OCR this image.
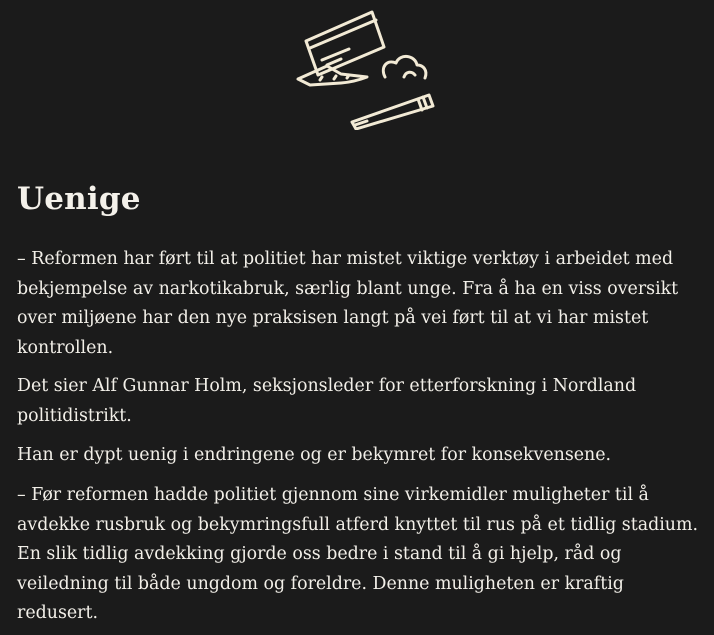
Uenige

– Reformen har ført til at politiet har mistet viktige verktøy i arbeidet med bekjempelse av narkotikabruk, særlig blant unge. Fra å ha en viss oversikt over miljøene har den nye praksisen langt på vei ført til at vi har mistet kontrollen.

Det sier Alf Gunnar Holm, seksjonsleder for etterforskning i Nordland politidistrikt.

Han er dypt uenig i endringene og er bekymret for konsekvensene.

– Før reformen hadde politiet gjennom sine virkemidler muligheter til å avdekke rusbruk og bekymringsfull atferd knyttet til rus på et tidlig stadium. En slik tidlig avdekking gjorde oss bedre i stand til å gi hjelp, råd og veiledning til både ungdom og foreldre. Denne muligheten er kraftig redusert.
